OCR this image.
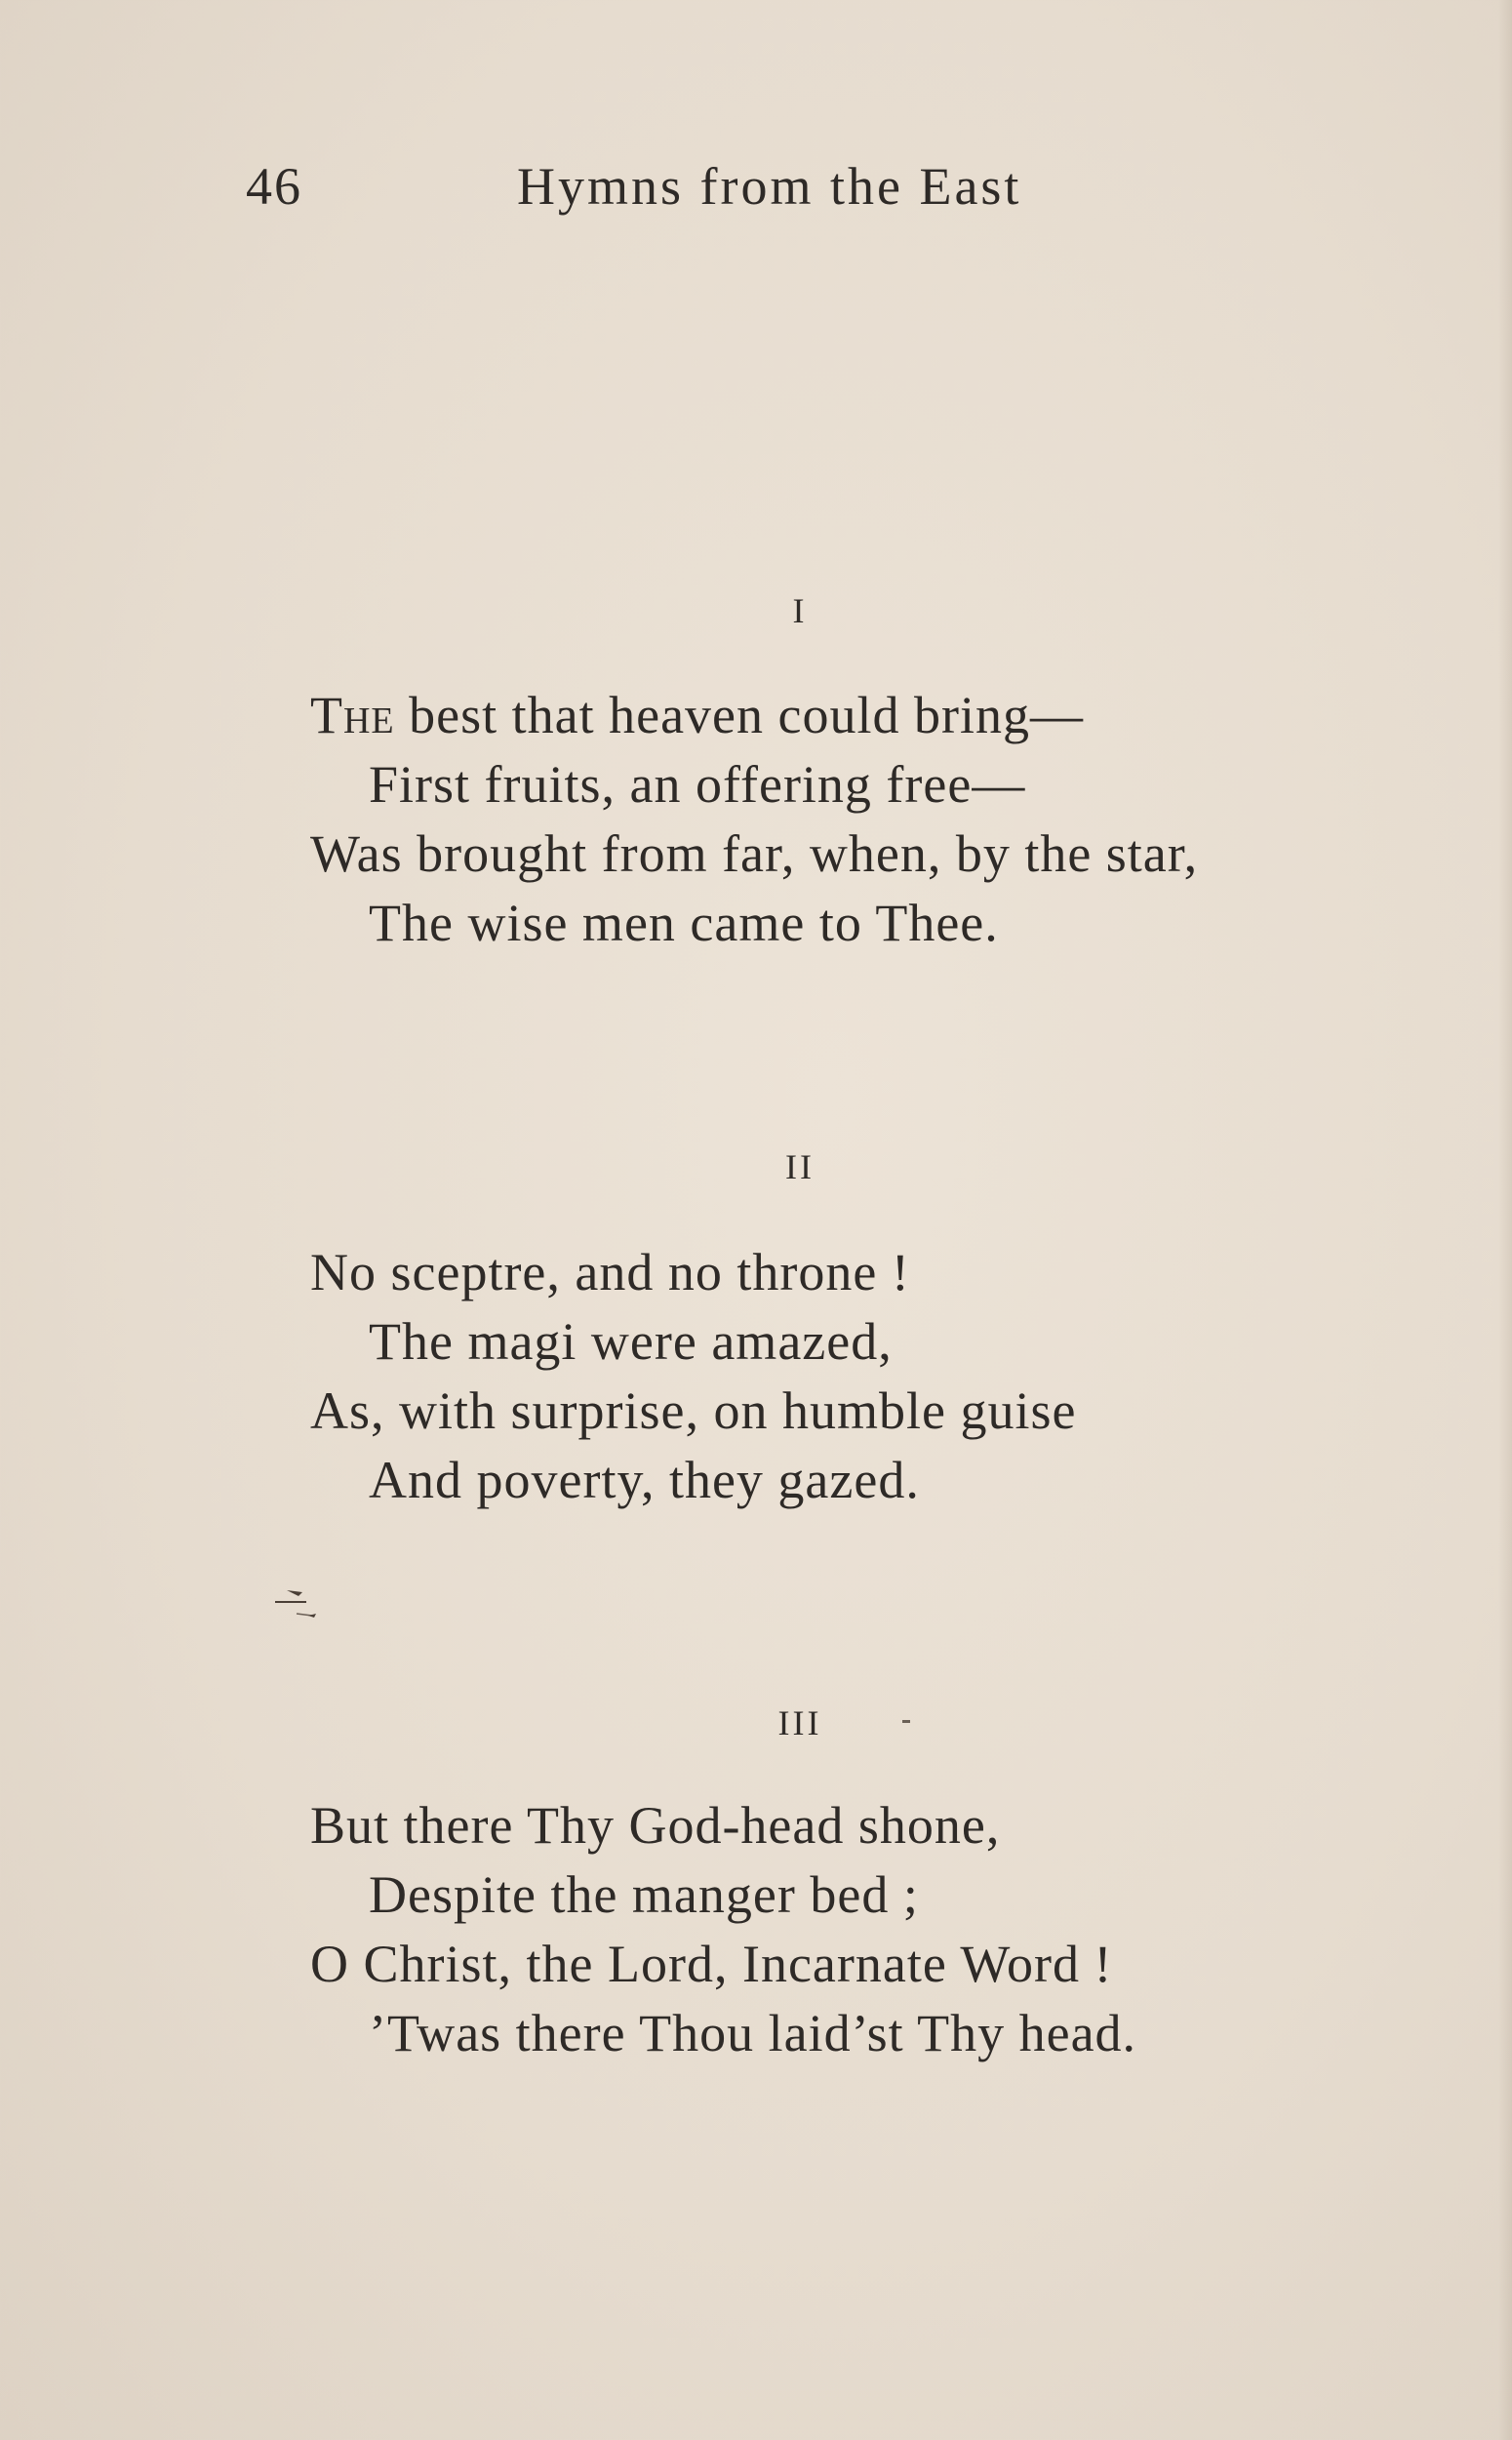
46	Hymns from the East
I
The best that heaven could bring—
First fruits, an offering free—
Was brought from far, when, by the star,
The wise men came to Thee.
II
No sceptre, and no throne !
The magi were amazed,
As, with surprise, on humble guise
And poverty, they gazed.
III
But there Thy God-head shone,
Despite the manger bed ;
O Christ, the Lord, Incarnate Word !
’Twas there Thou laid’st Thy head.
